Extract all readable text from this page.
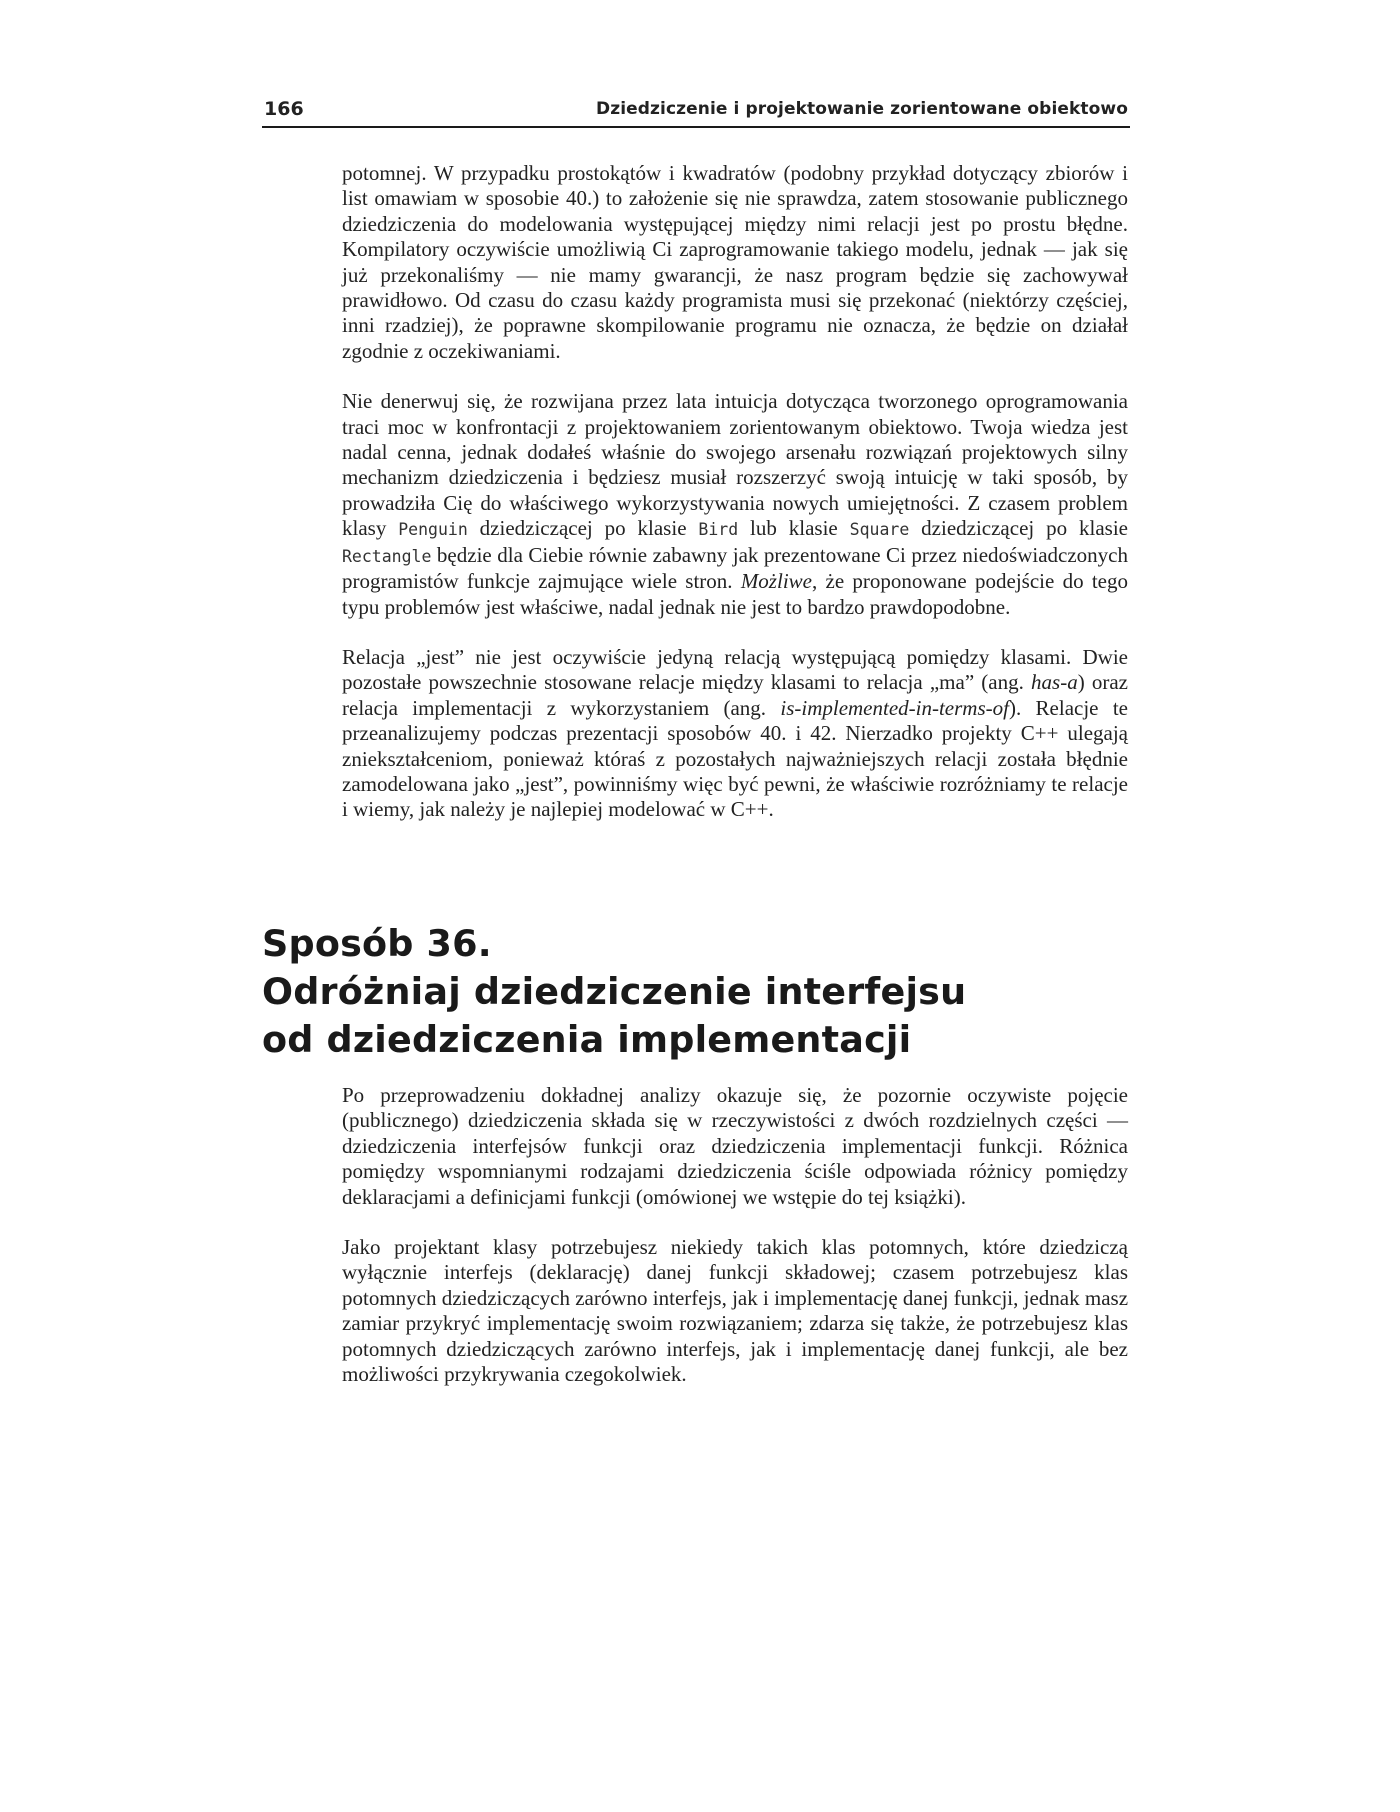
166	Dziedziczenie i projektowanie zorientowane obiektowo

potomnej. W przypadku prostokątów i kwadratów (podobny przykład dotyczący zbiorów i list omawiam w sposobie 40.) to założenie się nie sprawdza, zatem stosowanie publicznego dziedziczenia do modelowania występującej między nimi relacji jest po prostu błędne. Kompilatory oczywiście umożliwią Ci zaprogramowanie takiego modelu, jednak — jak się już przekonaliśmy — nie mamy gwarancji, że nasz program będzie się zachowywał prawidłowo. Od czasu do czasu każdy programista musi się przekonać (niektórzy częściej, inni rzadziej), że poprawne skompilowanie programu nie oznacza, że będzie on działał zgodnie z oczekiwaniami.

Nie denerwuj się, że rozwijana przez lata intuicja dotycząca tworzonego oprogramowania traci moc w konfrontacji z projektowaniem zorientowanym obiektowo. Twoja wiedza jest nadal cenna, jednak dodałeś właśnie do swojego arsenału rozwiązań projektowych silny mechanizm dziedziczenia i będziesz musiał rozszerzyć swoją intuicję w taki sposób, by prowadziła Cię do właściwego wykorzystywania nowych umiejętności. Z czasem problem klasy Penguin dziedziczącej po klasie Bird lub klasie Square dziedziczącej po klasie Rectangle będzie dla Ciebie równie zabawny jak prezentowane Ci przez niedoświadczonych programistów funkcje zajmujące wiele stron. Możliwe, że proponowane podejście do tego typu problemów jest właściwe, nadal jednak nie jest to bardzo prawdopodobne.

Relacja „jest” nie jest oczywiście jedyną relacją występującą pomiędzy klasami. Dwie pozostałe powszechnie stosowane relacje między klasami to relacja „ma” (ang. has-a) oraz relacja implementacji z wykorzystaniem (ang. is-implemented-in-terms-of). Relacje te przeanalizujemy podczas prezentacji sposobów 40. i 42. Nierzadko projekty C++ ulegają zniekształceniom, ponieważ któraś z pozostałych najważniejszych relacji została błędnie zamodelowana jako „jest”, powinniśmy więc być pewni, że właściwie rozróżniamy te relacje i wiemy, jak należy je najlepiej modelować w C++.

Sposób 36.
Odróżniaj dziedziczenie interfejsu
od dziedziczenia implementacji

Po przeprowadzeniu dokładnej analizy okazuje się, że pozornie oczywiste pojęcie (publicznego) dziedziczenia składa się w rzeczywistości z dwóch rozdzielnych części — dziedziczenia interfejsów funkcji oraz dziedziczenia implementacji funkcji. Różnica pomiędzy wspomnianymi rodzajami dziedziczenia ściśle odpowiada różnicy pomiędzy deklaracjami a definicjami funkcji (omówionej we wstępie do tej książki).

Jako projektant klasy potrzebujesz niekiedy takich klas potomnych, które dziedziczą wyłącznie interfejs (deklarację) danej funkcji składowej; czasem potrzebujesz klas potomnych dziedziczących zarówno interfejs, jak i implementację danej funkcji, jednak masz zamiar przykryć implementację swoim rozwiązaniem; zdarza się także, że potrzebujesz klas potomnych dziedziczących zarówno interfejs, jak i implementację danej funkcji, ale bez możliwości przykrywania czegokolwiek.
